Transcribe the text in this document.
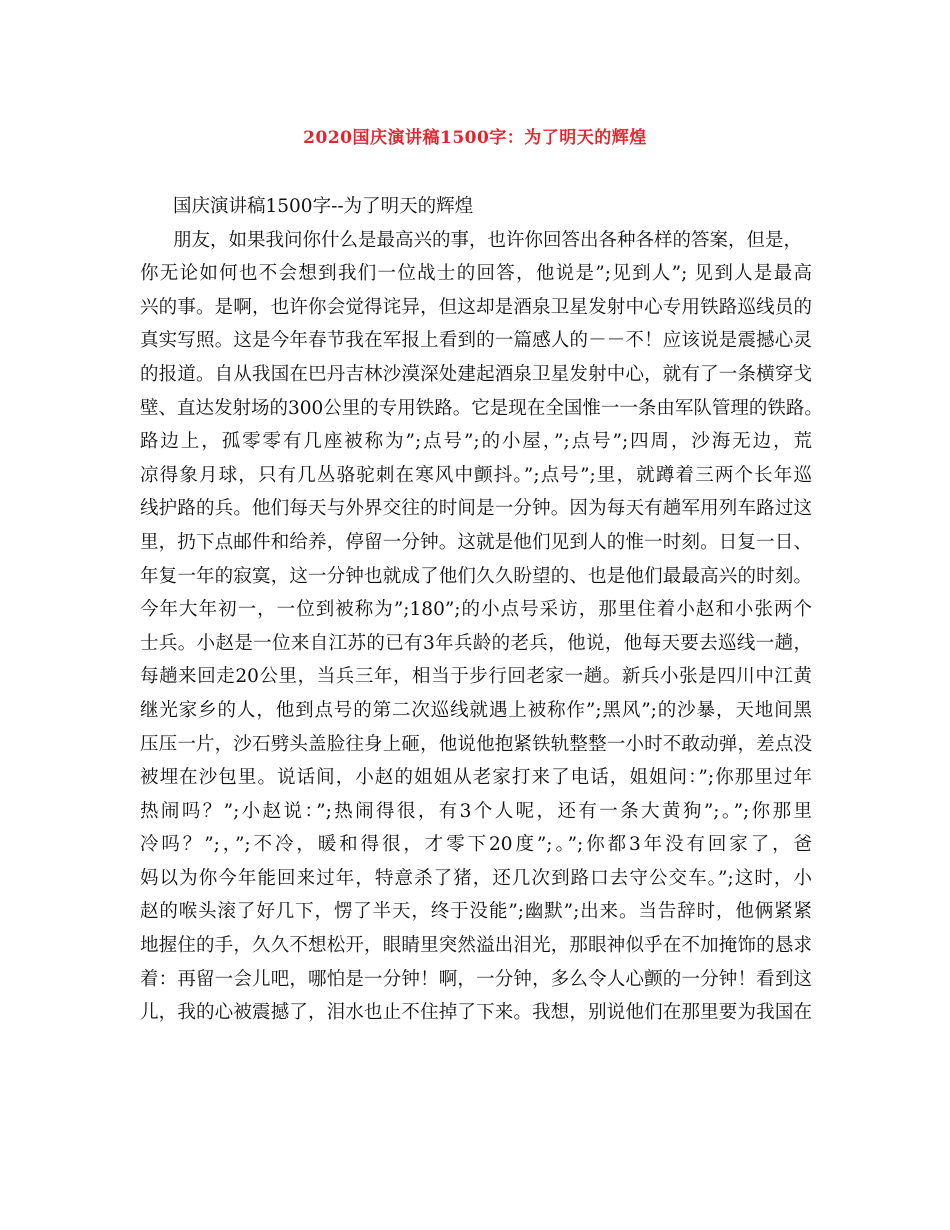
2020国庆演讲稿1500字：为了明天的辉煌
国庆演讲稿1500字--为了明天的辉煌
朋友，如果我问你什么是最高兴的事，也许你回答出各种各样的答案，但是，
你无论如何也不会想到我们一位战士的回答，他说是”;见到人”; 见到人是最高
兴的事。是啊，也许你会觉得诧异，但这却是酒泉卫星发射中心专用铁路巡线员的
真实写照。这是今年春节我在军报上看到的一篇感人的－－不！应该说是震撼心灵
的报道。自从我国在巴丹吉林沙漠深处建起酒泉卫星发射中心，就有了一条横穿戈
壁、直达发射场的300公里的专用铁路。它是现在全国惟一一条由军队管理的铁路。
路边上，孤零零有几座被称为”;点号”;的小屋，”;点号”;四周，沙海无边，荒
凉得象月球，只有几丛骆驼刺在寒风中颤抖。”;点号”;里，就蹲着三两个长年巡
线护路的兵。他们每天与外界交往的时间是一分钟。因为每天有趟军用列车路过这
里，扔下点邮件和给养，停留一分钟。这就是他们见到人的惟一时刻。日复一日、
年复一年的寂寞，这一分钟也就成了他们久久盼望的、也是他们最最高兴的时刻。
今年大年初一，一位到被称为”;180”;的小点号采访，那里住着小赵和小张两个
士兵。小赵是一位来自江苏的已有3年兵龄的老兵，他说，他每天要去巡线一趟，
每趟来回走20公里，当兵三年，相当于步行回老家一趟。新兵小张是四川中江黄
继光家乡的人，他到点号的第二次巡线就遇上被称作”;黑风”;的沙暴，天地间黑
压压一片，沙石劈头盖脸往身上砸，他说他抱紧铁轨整整一小时不敢动弹，差点没
被埋在沙包里。说话间，小赵的姐姐从老家打来了电话，姐姐问：”;你那里过年
热闹吗？”;小赵说：”;热闹得很，有3个人呢，还有一条大黄狗”;。”;你那里
冷吗？”;，”;不冷，暖和得很，才零下20度”;。”;你都3年没有回家了，爸
妈以为你今年能回来过年，特意杀了猪，还几次到路口去守公交车。”;这时，小
赵的喉头滚了好几下，愣了半天，终于没能”;幽默”;出来。当告辞时，他俩紧紧
地握住的手，久久不想松开，眼睛里突然溢出泪光，那眼神似乎在不加掩饰的恳求
着：再留一会儿吧，哪怕是一分钟！啊，一分钟，多么令人心颤的一分钟！看到这
儿，我的心被震撼了，泪水也止不住掉了下来。我想，别说他们在那里要为我国在
